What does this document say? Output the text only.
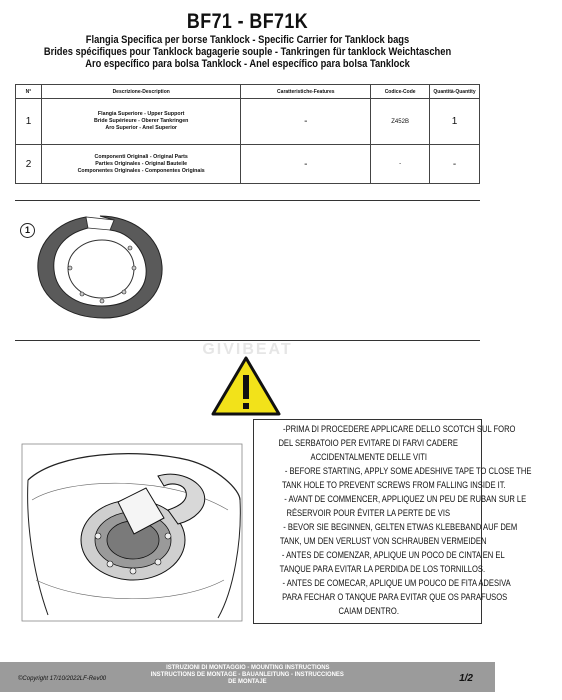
BF71 - BF71K
Flangia Specifica per borse Tanklock - Specific Carrier for Tanklock bags
Brides spécifiques pour Tanklock bagagerie souple - Tankringen für tanklock Weichtaschen
Aro específico para bolsa Tanklock - Anel específico para bolsa Tanklock
N°	Descrizione-Description	Caratteristiche-Features	Codice-Code	Quantità-Quantity
1	Flangia Superiore - Upper Support
Bride Supérieure - Oberer Tankringen
Aro Superior - Anel Superior	-	Z452B	1
2	Componenti Originali - Original Parts
Parties Originales - Original Bauteile
Componentes Originales - Componentes Originais	-	-	-
1
GIVIBEAT
-PRIMA DI PROCEDERE APPLICARE DELLO SCOTCH SUL FORO
DEL SERBATOIO PER EVITARE DI FARVI CADERE
ACCIDENTALMENTE DELLE VITI
- BEFORE STARTING, APPLY SOME ADESHIVE TAPE TO CLOSE THE
TANK HOLE TO PREVENT SCREWS FROM FALLING INSIDE IT.
- AVANT DE COMMENCER, APPLIQUEZ UN PEU DE RUBAN SUR LE
RÉSERVOIR POUR ÉVITER LA PERTE DE VIS
- BEVOR SIE BEGINNEN, GELTEN ETWAS KLEBEBAND AUF DEM
TANK, UM DEN VERLUST VON SCHRAUBEN VERMEIDEN
- ANTES DE COMENZAR, APLIQUE UN POCO DE CINTA EN EL
TANQUE PARA EVITAR LA PERDIDA DE LOS TORNILLOS.
- ANTES DE COMECAR, APLIQUE UM POUCO DE FITA ADESIVA
PARA FECHAR O TANQUE PARA EVITAR QUE OS PARAFUSOS
CAIAM DENTRO.
©Copyright 17/10/2022LF-Rev00
ISTRUZIONI DI MONTAGGIO - MOUNTING INSTRUCTIONS
INSTRUCTIONS DE MONTAGE - BAUANLEITUNG - INSTRUCCIONES
DE MONTAJE	1/2
